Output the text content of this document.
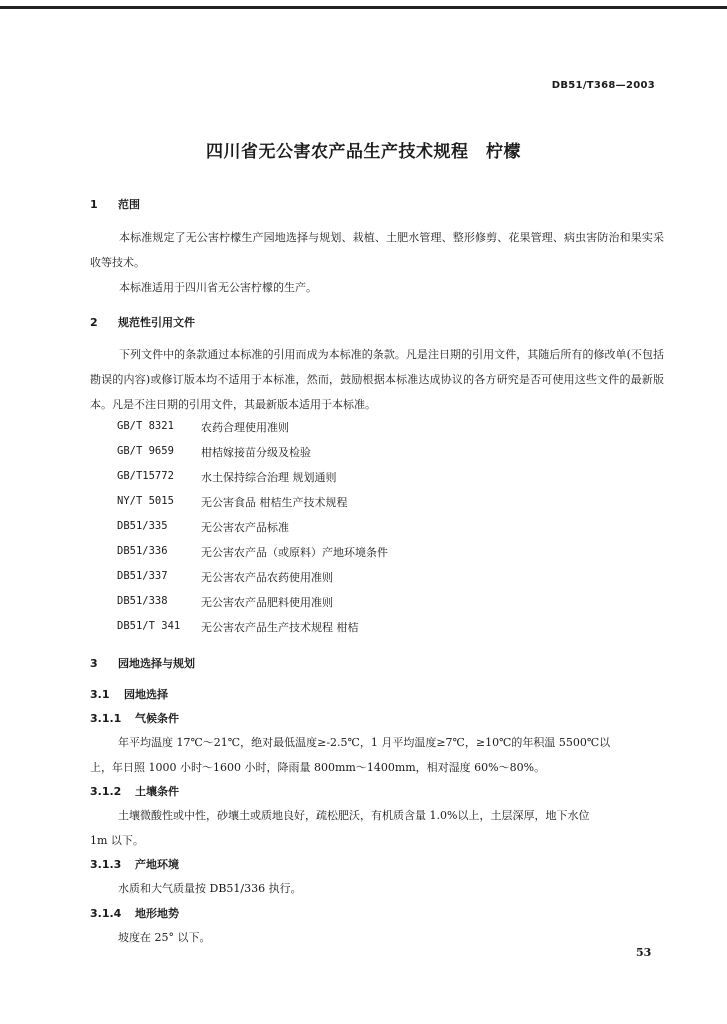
DB51/T368—2003
四川省无公害农产品生产技术规程　柠檬
1 范围
本标准规定了无公害柠檬生产园地选择与规划、栽植、土肥水管理、整形修剪、花果管理、病虫害防治和果实采收等技术。
本标准适用于四川省无公害柠檬的生产。
2 规范性引用文件
下列文件中的条款通过本标准的引用而成为本标准的条款。凡是注日期的引用文件，其随后所有的修改单(不包括勘误的内容)或修订版本均不适用于本标准，然而，鼓励根据本标准达成协议的各方研究是否可使用这些文件的最新版本。凡是不注日期的引用文件，其最新版本适用于本标准。
GB/T 8321 农药合理使用准则
GB/T 9659 柑桔嫁接苗分级及检验
GB/T15772 水土保持综合治理 规划通则
NY/T 5015 无公害食品 柑桔生产技术规程
DB51/335	无公害农产品标准
DB51/336	无公害农产品（或原料）产地环境条件
DB51/337	无公害农产品农药使用准则
DB51/338	无公害农产品肥料使用准则
DB51/T 341 无公害农产品生产技术规程 柑桔
3 园地选择与规划
3.1 园地选择
3.1.1 气候条件
年平均温度 17℃～21℃，绝对最低温度≥-2.5℃，1 月平均温度≥7℃，≥10℃的年积温 5500℃以
上，年日照 1000 小时～1600 小时，降雨量 800mm～1400mm，相对湿度 60%～80%。
3.1.2 土壤条件
土壤微酸性或中性，砂壤土或质地良好，疏松肥沃，有机质含量 1.0%以上，土层深厚，地下水位
1m 以下。
3.1.3 产地环境
水质和大气质量按 DB51/336 执行。
3.1.4 地形地势
坡度在 25° 以下。
53
